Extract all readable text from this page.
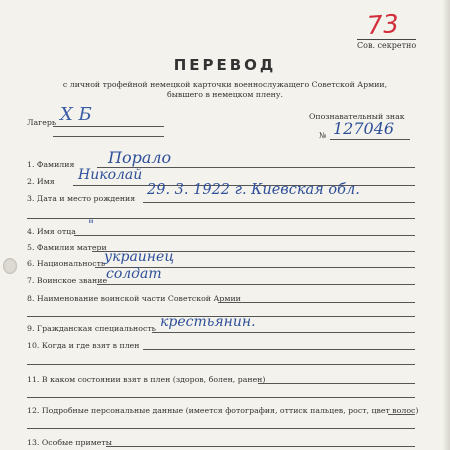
73
Сов. секретно
ПЕРЕВОД
с личной трофейной немецкой карточки военнослужащего Советской Армии,
бывшего в немецком плену.
Лагерь Х Б	Опознавательный знак
№ 127046
1. Фамилия Порало
2. Имя Николай
3. Дата и место рождения
29. 3. 1922 г. Киевская обл.
4. Имя отца "
5. Фамилия матери
6. Национальность
украинец
7. Воинское звание
солдат
8. Наименование воинской части Советской Армии
9. Гражданская специальность крестьянин.
10. Когда и где взят в плен
11. В каком состоянии взят в плен (здоров, болен, ранен)
12. Подробные персональные данные (имеется фотография, оттиск пальцев, рост, цвет волос)
13. Особые приметы
